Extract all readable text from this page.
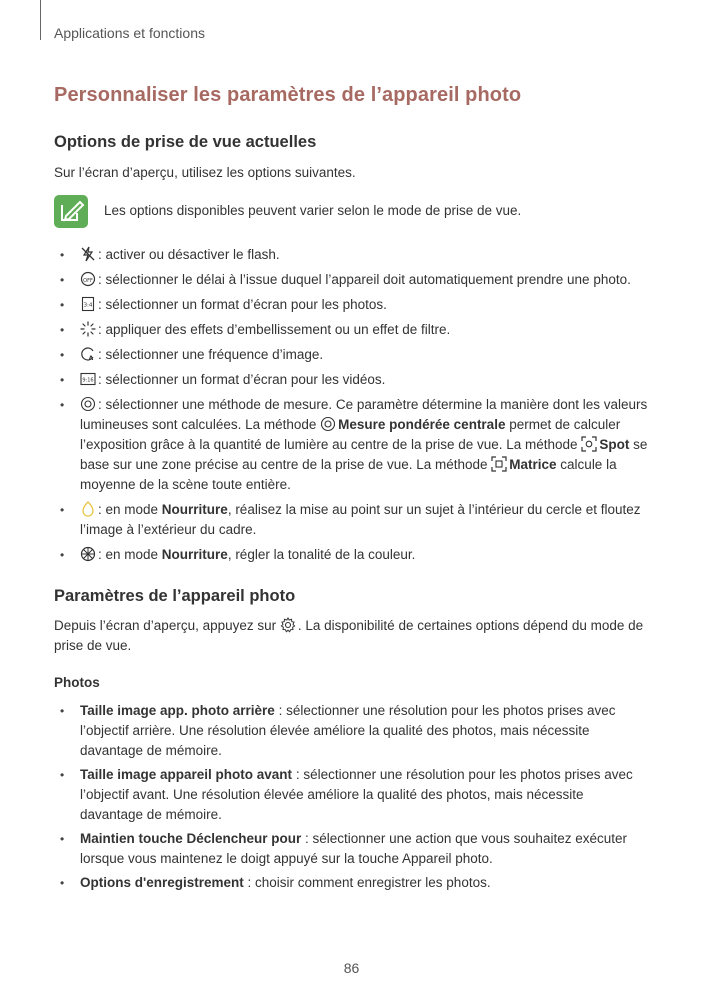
Applications et fonctions
Personnaliser les paramètres de l’appareil photo
Options de prise de vue actuelles
Sur l’écran d’aperçu, utilisez les options suivantes.
Les options disponibles peuvent varier selon le mode de prise de vue.
•	: activer ou désactiver le flash.
•	OFF : sélectionner le délai à l’issue duquel l’appareil doit automatiquement prendre une photo.
•	3:4 : sélectionner un format d’écran pour les photos.
•	: appliquer des effets d’embellissement ou un effet de filtre.
•	A : sélectionner une fréquence d’image.
•	9:16 : sélectionner un format d’écran pour les vidéos.
•	: sélectionner une méthode de mesure. Ce paramètre détermine la manière dont les valeurs lumineuses sont calculées. La méthode
Mesure pondérée centrale permet de calculer l’exposition grâce à la quantité de lumière au centre de la prise de vue. La méthode
Spot se base sur une zone précise au centre de la prise de vue. La méthode
Matrice calcule la moyenne de la scène toute entière.
•	: en mode Nourriture, réalisez la mise au point sur un sujet à l’intérieur du cercle et floutez l’image à l’extérieur du cadre.
•	: en mode Nourriture, régler la tonalité de la couleur.
Paramètres de l’appareil photo
Depuis l’écran d’aperçu, appuyez sur
. La disponibilité de certaines options dépend du mode de prise de vue.
Photos
• Taille image app. photo arrière : sélectionner une résolution pour les photos prises avec l’objectif arrière. Une résolution élevée améliore la qualité des photos, mais nécessite davantage de mémoire.
• Taille image appareil photo avant : sélectionner une résolution pour les photos prises avec l’objectif avant. Une résolution élevée améliore la qualité des photos, mais nécessite davantage de mémoire.
• Maintien touche Déclencheur pour : sélectionner une action que vous souhaitez exécuter lorsque vous maintenez le doigt appuyé sur la touche Appareil photo.
• Options d'enregistrement : choisir comment enregistrer les photos.
86
